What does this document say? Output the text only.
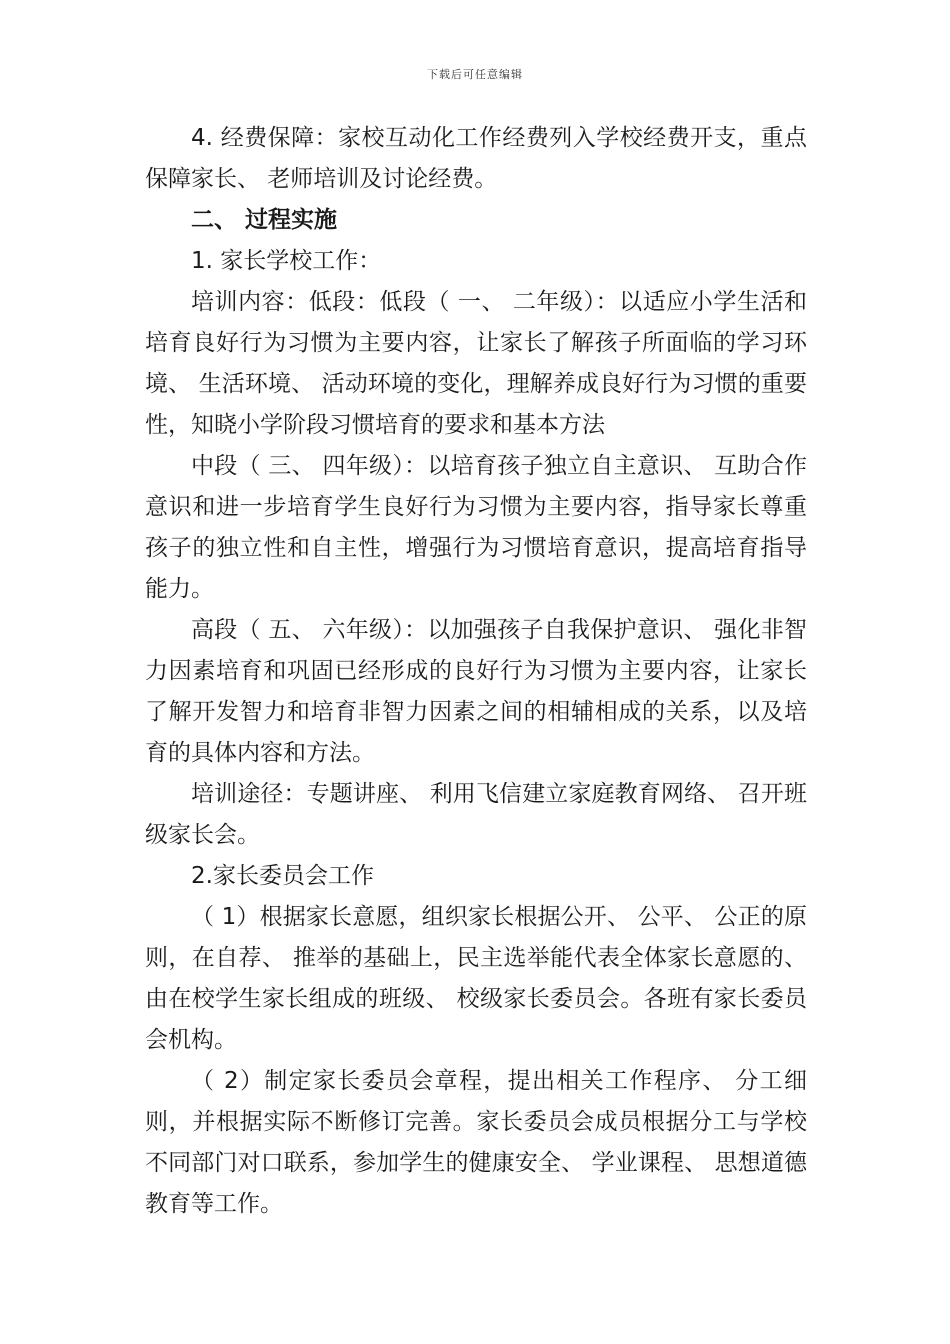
下载后可任意编辑

4. 经费保障：家校互动化工作经费列入学校经费开支，重点保障家长、 老师培训及讨论经费。

二、 过程实施

1. 家长学校工作：

培训内容：低段：低段（ 一、 二年级）：以适应小学生活和培育良好行为习惯为主要内容，让家长了解孩子所面临的学习环境、 生活环境、 活动环境的变化，理解养成良好行为习惯的重要性，知晓小学阶段习惯培育的要求和基本方法

中段（ 三、 四年级）：以培育孩子独立自主意识、 互助合作意识和进一步培育学生良好行为习惯为主要内容，指导家长尊重孩子的独立性和自主性，增强行为习惯培育意识，提高培育指导能力。

高段（ 五、 六年级）：以加强孩子自我保护意识、 强化非智力因素培育和巩固已经形成的良好行为习惯为主要内容，让家长了解开发智力和培育非智力因素之间的相辅相成的关系，以及培育的具体内容和方法。

培训途径：专题讲座、 利用飞信建立家庭教育网络、 召开班级家长会。

2.家长委员会工作

（ 1）根据家长意愿，组织家长根据公开、 公平、 公正的原则，在自荐、 推举的基础上，民主选举能代表全体家长意愿的、由在校学生家长组成的班级、 校级家长委员会。各班有家长委员会机构。

（ 2）制定家长委员会章程，提出相关工作程序、 分工细则，并根据实际不断修订完善。家长委员会成员根据分工与学校不同部门对口联系，参加学生的健康安全、 学业课程、 思想道德教育等工作。
